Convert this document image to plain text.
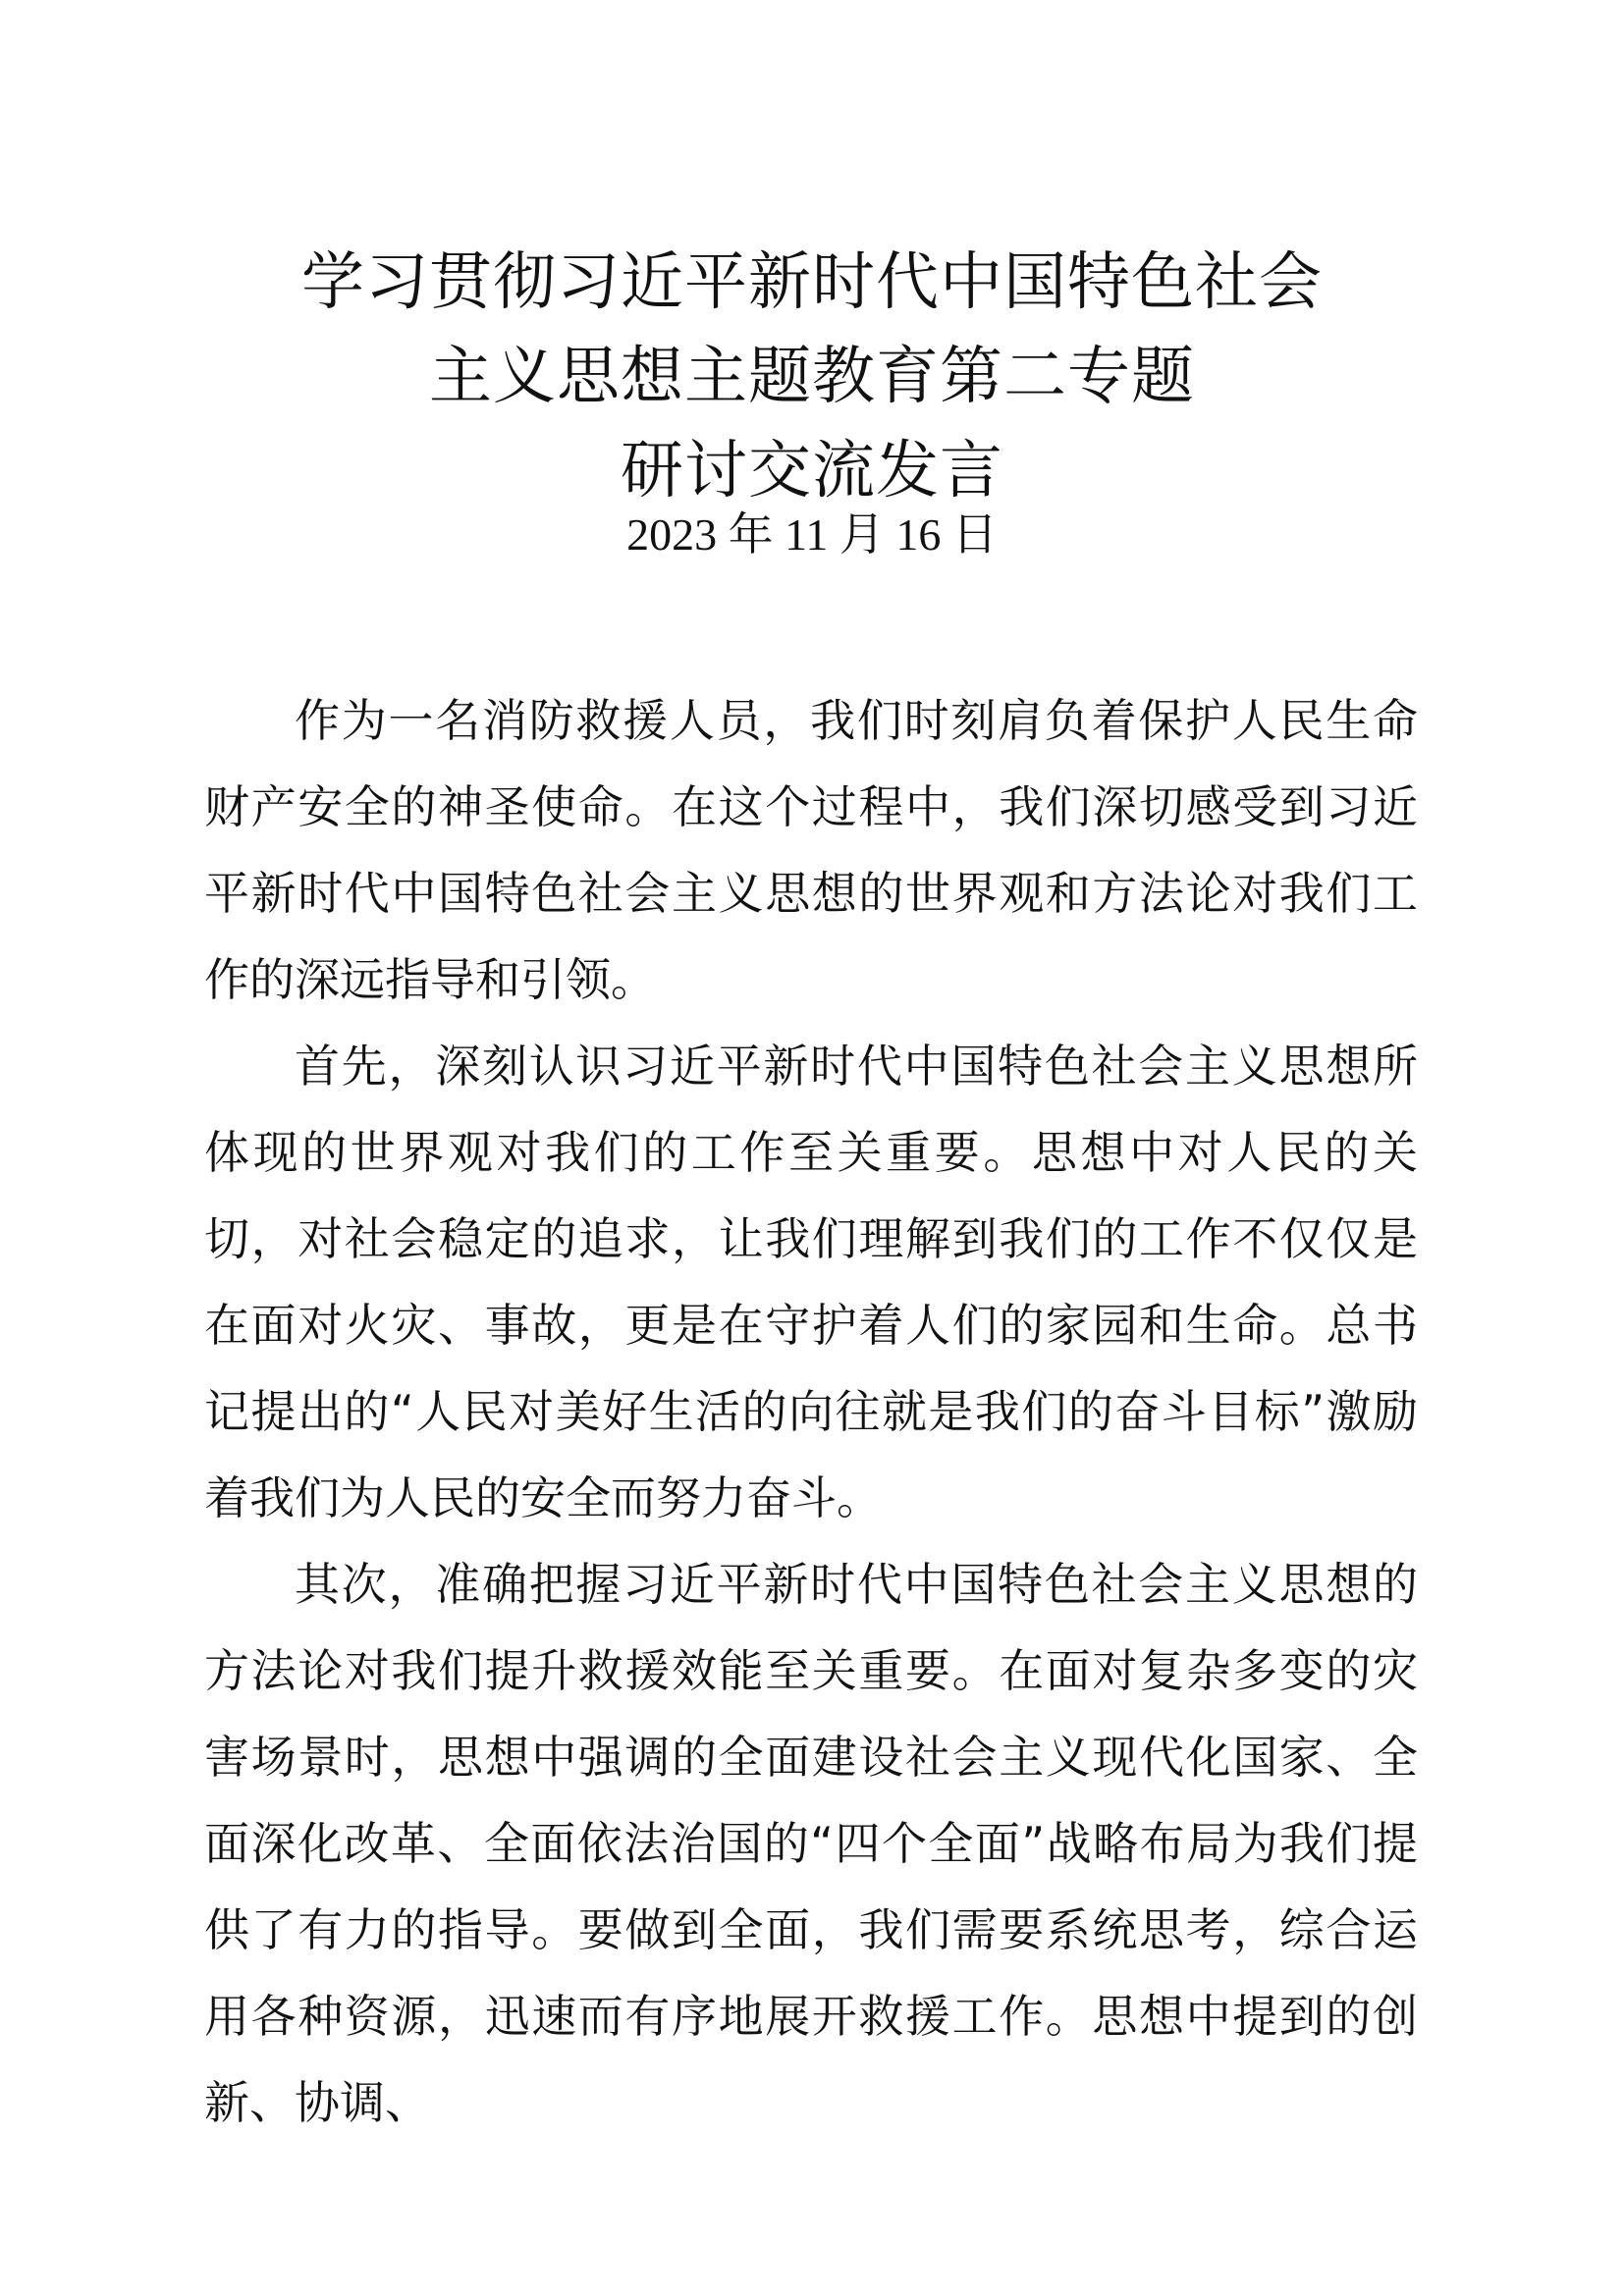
学习贯彻习近平新时代中国特色社会
主义思想主题教育第二专题
研讨交流发言
2023 年 11 月 16 日

作为一名消防救援人员，我们时刻肩负着保护人民生命财产安全的神圣使命。在这个过程中，我们深切感受到习近平新时代中国特色社会主义思想的世界观和方法论对我们工作的深远指导和引领。

首先，深刻认识习近平新时代中国特色社会主义思想所体现的世界观对我们的工作至关重要。思想中对人民的关切，对社会稳定的追求，让我们理解到我们的工作不仅仅是在面对火灾、事故，更是在守护着人们的家园和生命。总书记提出的“人民对美好生活的向往就是我们的奋斗目标”激励着我们为人民的安全而努力奋斗。

其次，准确把握习近平新时代中国特色社会主义思想的方法论对我们提升救援效能至关重要。在面对复杂多变的灾害场景时，思想中强调的全面建设社会主义现代化国家、全面深化改革、全面依法治国的“四个全面”战略布局为我们提供了有力的指导。要做到全面，我们需要系统思考，综合运用各种资源，迅速而有序地展开救援工作。思想中提到的创新、协调、
